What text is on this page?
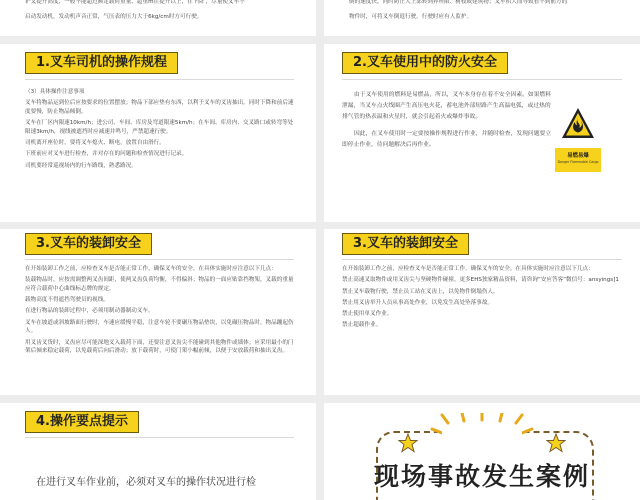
铲叉提升高度，一般不能超过额定载荷重量、超重m在提升以上，在下降 ，尽量使叉车不

启动发动机，发动机声音正常，气压表的压力大于6kg/cm时方可行驶。

倒的速度快，同时防止人上部转到界所限、树枝或建筑物；叉车积大而导致看不到前方的

物件时，可将叉车倒退行驶，行驶时应有人监护。

1.叉车司机的操作规程

（3）具体操作注意事项

叉车将物品运到位后应按要求的位置摆放；物品下部应垫有东西，以利于叉车的叉齿抽出。同时下降和前后速度要慢，防止物品倾倒。

叉车在厂区内限速10km/h；进公司、车间、库房及弯道限速5km/h；在车间、库房内、交叉路口或转弯等处限速3km/h，视线被遮挡时应减速并鸣号，严禁超速行驶。

司机离开座位时，要将叉车熄火、断电，放置自由滑行。

下班前应对叉车进行检查，并对存在的问题和检查情况进行记录。

司机要经常巡视场内的行车路线，熟悉路况。

2.叉车使用中的防火安全

由于叉车使用的燃料是易燃品，所以，叉车本身存在着不安全因素。如果燃料泄漏，当叉车点火线圈产生高压电火花，蓄电池外部短路产生高温电弧，或过热的排气管的热表温和火星时，就会引起着火或爆炸事故。

因此，在叉车使用时一定要按操作规程进行作业，并随时检查，发现问题要立即停止作业，待问题解决后再作业。

易燃易爆
Danger Flammable Cargo
3.叉车的装卸安全

在开始装卸工作之前，应检查叉车是否能正常工作，确保叉车的安全。在具体实施时应注意以下几点：

装载物品时，应按需调整两叉齿间距，使两叉齿负荷均衡，不得偏斜；物品的一面应贴靠挡物架，叉载的重量应符合载荷中心曲线标志牌的规定。

载物高度不得遮挡驾驶员的视线。

在进行物品的装卸过程中，必须用制动器制动叉车。

叉车在坡道或斜坡路面行驶时，车速应缓慢平稳，注意车轮不要碾压物品垫块，以免碾压物品时，物品蹦起伤人。

用叉齿叉货时，叉齿应尽可能深地叉入载荷下面，还要注意叉齿尖不能碰到其他物件或墙体；应采用最小的门架后倾来稳定载荷，以免载荷后向后滑动；放下载荷时，可使门架小幅前倾，以便于安放载荷和抽出叉齿。

3.叉车的装卸安全

在开始装卸工作之前，应检查叉车是否能正常工作，确保叉车的安全。在具体实施时应注意以下几点：

禁止高速叉取物件或用叉齿尖与坚硬物件碰撞。更多EHS独家精品资料，请咨询“安应答客”微信号：ansyings]1

禁止叉车载物行驶，禁止员工站在叉齿上，以免物件倒塌伤人。

禁止用叉齿举升人员从事高处作业，以免发生高处坠落事故。

禁止使用单叉作业。

禁止超载作业。

4.操作要点提示
在进行叉车作业前，必须对叉车的操作状况进行检	现场事故发生案例
